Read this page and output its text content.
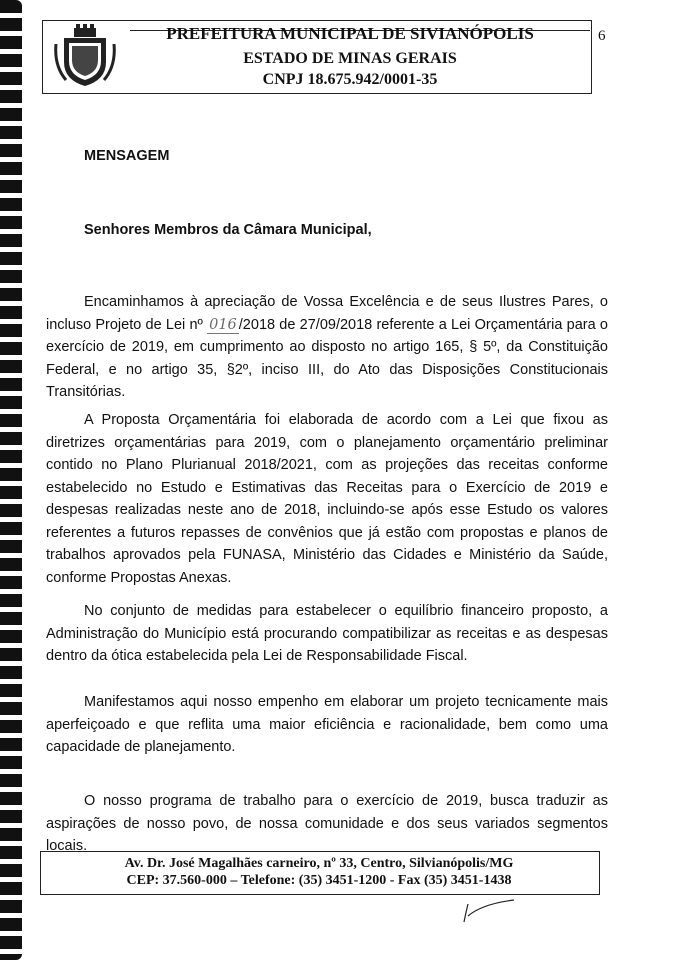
PREFEITURA MUNICIPAL DE SIVIANÓPOLIS
ESTADO DE MINAS GERAIS
CNPJ 18.675.942/0001-35
6
MENSAGEM
Senhores Membros da Câmara Municipal,

Encaminhamos à apreciação de Vossa Excelência e de seus Ilustres Pares, o incluso Projeto de Lei nº 016 /2018 de 27/09/2018 referente a Lei Orçamentária para o exercício de 2019, em cumprimento ao disposto no artigo 165, § 5º, da Constituição Federal, e no artigo 35, §2º, inciso III, do Ato das Disposições Constitucionais Transitórias.

A Proposta Orçamentária foi elaborada de acordo com a Lei que fixou as diretrizes orçamentárias para 2019, com o planejamento orçamentário preliminar contido no Plano Plurianual 2018/2021, com as projeções das receitas conforme estabelecido no Estudo e Estimativas das Receitas para o Exercício de 2019 e despesas realizadas neste ano de 2018, incluindo-se após esse Estudo os valores referentes a futuros repasses de convênios que já estão com propostas e planos de trabalhos aprovados pela FUNASA, Ministério das Cidades e Ministério da Saúde, conforme Propostas Anexas.

No conjunto de medidas para estabelecer o equilíbrio financeiro proposto, a Administração do Município está procurando compatibilizar as receitas e as despesas dentro da ótica estabelecida pela Lei de Responsabilidade Fiscal.

Manifestamos aqui nosso empenho em elaborar um projeto tecnicamente mais aperfeiçoado e que reflita uma maior eficiência e racionalidade, bem como uma capacidade de planejamento.

O nosso programa de trabalho para o exercício de 2019, busca traduzir as aspirações de nosso povo, de nossa comunidade e dos seus variados segmentos locais.

Av. Dr. José Magalhães carneiro, nº 33, Centro, Silvianópolis/MG
CEP: 37.560-000 – Telefone: (35) 3451-1200 - Fax (35) 3451-1438
